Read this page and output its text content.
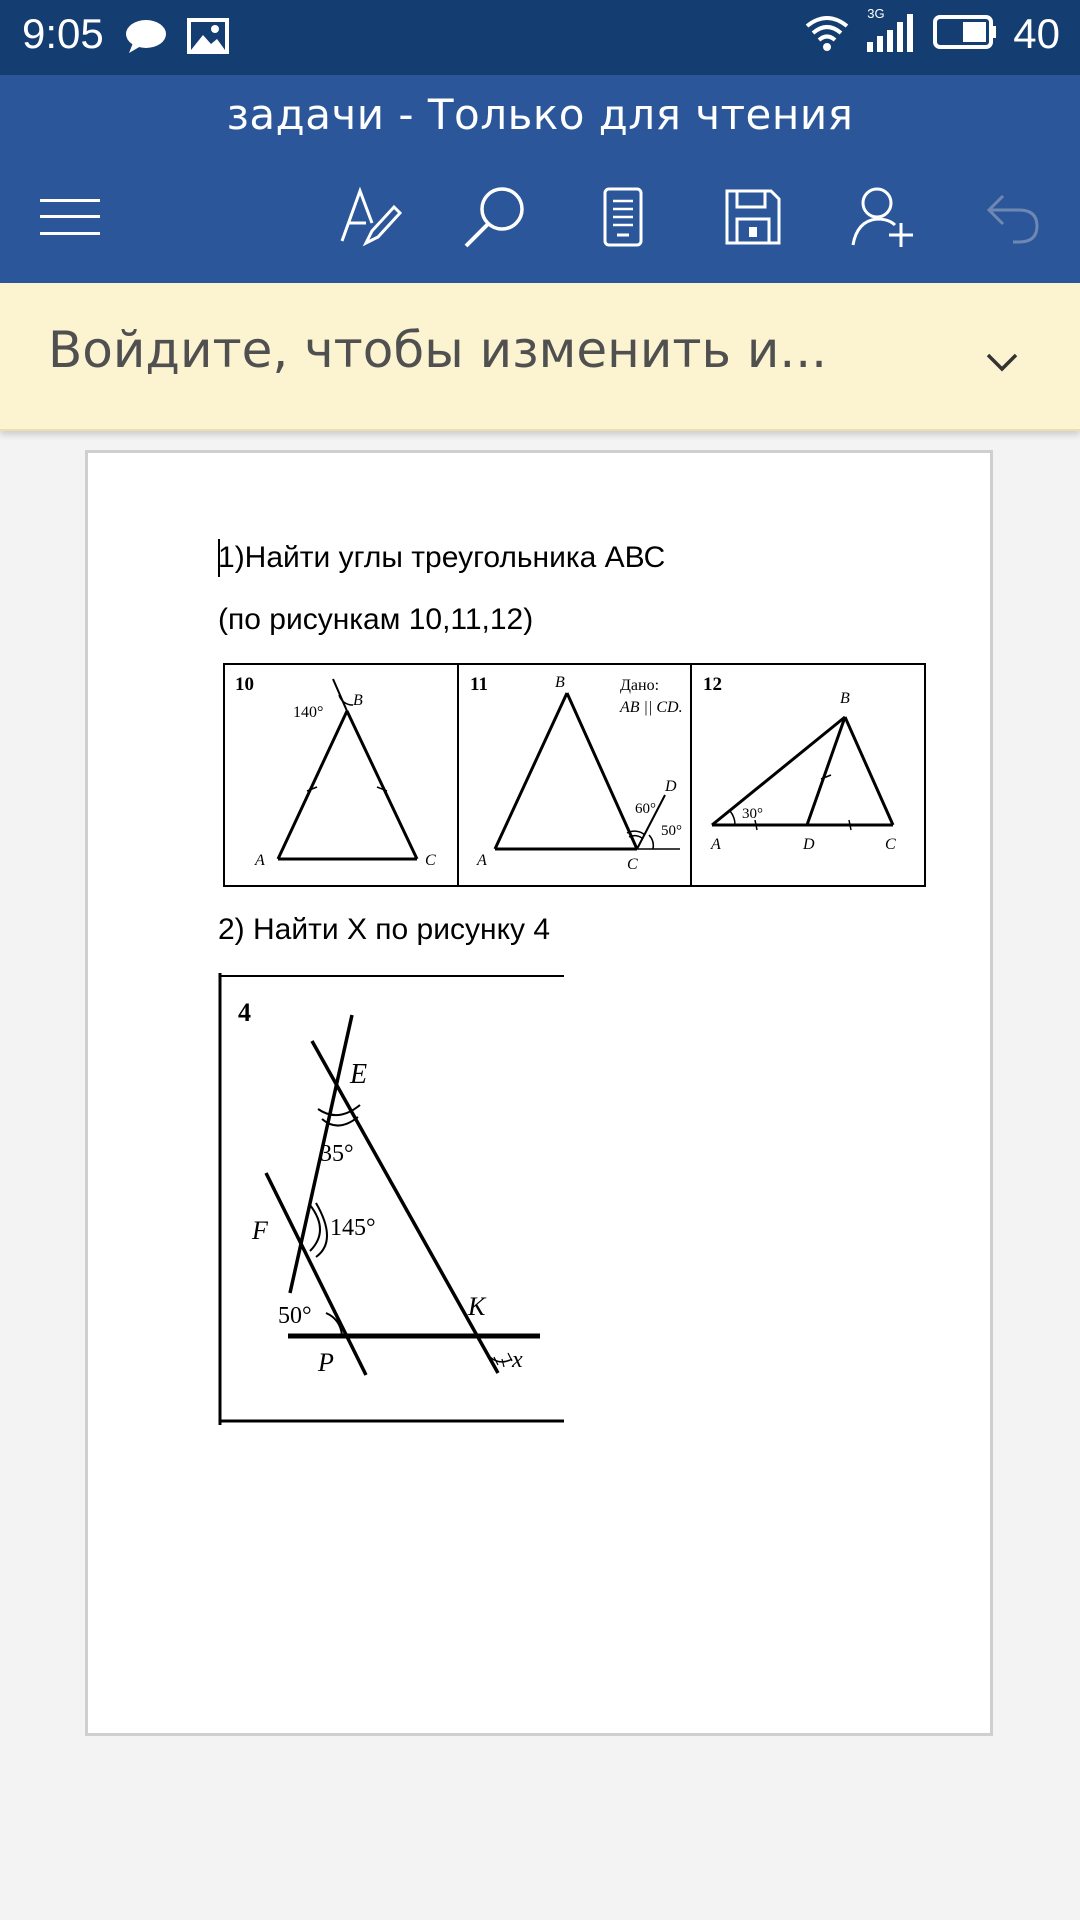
9:05	3G	40
задачи - Только для чтения
Войдите, чтобы изменить и...
1)Найти углы треугольника АВС
(по рисункам 10,11,12)
10
140°
B
A	C
11	B	Дано:
AB || CD.
D
60°
50°
A	C
12
B
30°
A	D	C
2) Найти Х по рисунку 4
4
E
35°
F	145°
50°	K
P	x
